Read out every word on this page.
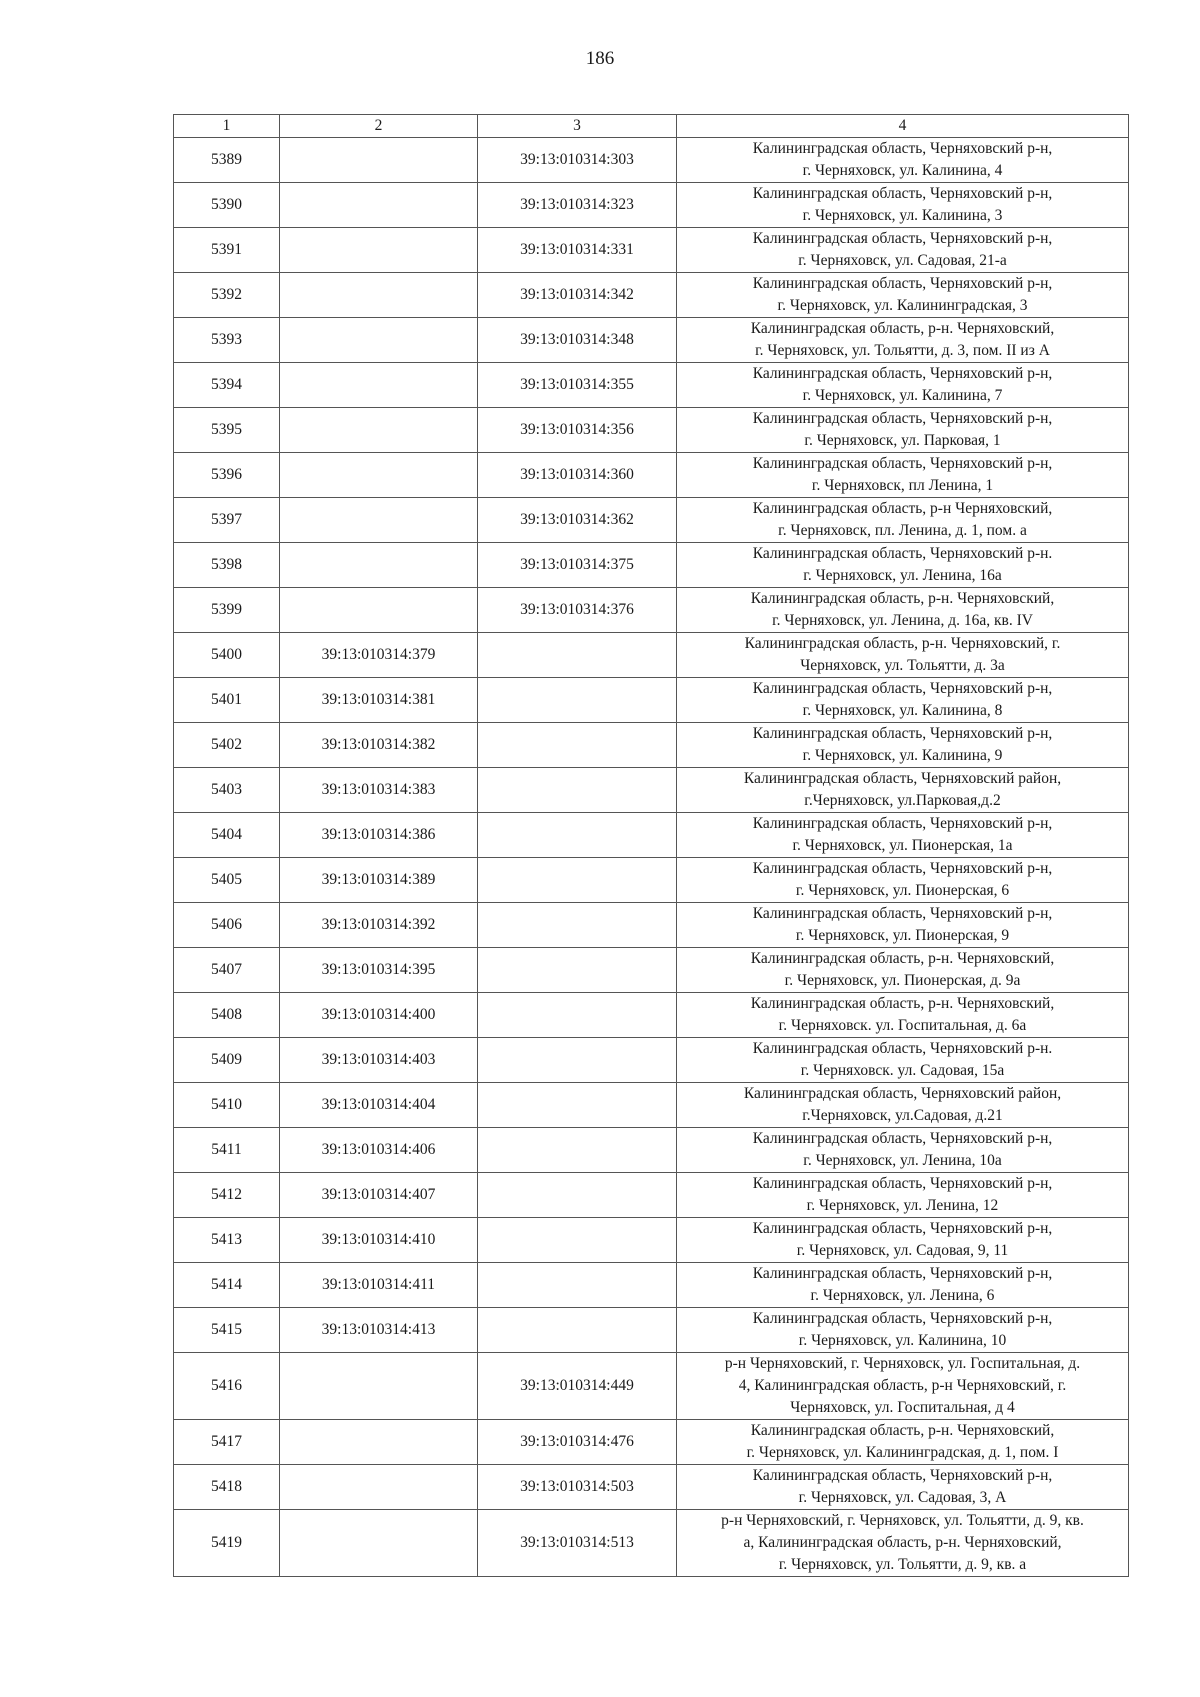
186
1	2	3	4
5389		39:13:010314:303	Калининградская область, Черняховский р-н,
г. Черняховск, ул. Калинина, 4

5390		39:13:010314:323	Калининградская область, Черняховский р-н,
г. Черняховск, ул. Калинина, 3

5391		39:13:010314:331	Калининградская область, Черняховский р-н,
г. Черняховск, ул. Садовая, 21-а

5392		39:13:010314:342	Калининградская область, Черняховский р-н,
г. Черняховск, ул. Калининградская, 3

5393		39:13:010314:348	Калининградская область, р-н. Черняховский,
г. Черняховск, ул. Тольятти, д. 3, пом. II из А

5394		39:13:010314:355	Калининградская область, Черняховский р-н,
г. Черняховск, ул. Калинина, 7

5395		39:13:010314:356	Калининградская область, Черняховский р-н,
г. Черняховск, ул. Парковая, 1

5396		39:13:010314:360	Калининградская область, Черняховский р-н,
г. Черняховск, пл Ленина, 1

5397		39:13:010314:362	Калининградская область, р-н Черняховский,
г. Черняховск, пл. Ленина, д. 1, пом. а

5398		39:13:010314:375	Калининградская область, Черняховский р-н.
г. Черняховск, ул. Ленина, 16а

5399		39:13:010314:376	Калининградская область, р-н. Черняховский,
г. Черняховск, ул. Ленина, д. 16а, кв. IV

5400	39:13:010314:379		Калининградская область, р-н. Черняховский, г.
Черняховск, ул. Тольятти, д. 3а

5401	39:13:010314:381		Калининградская область, Черняховский р-н,
г. Черняховск, ул. Калинина, 8

5402	39:13:010314:382		Калининградская область, Черняховский р-н,
г. Черняховск, ул. Калинина, 9

5403	39:13:010314:383		Калининградская область, Черняховский район,
г.Черняховск, ул.Парковая,д.2

5404	39:13:010314:386		Калининградская область, Черняховский р-н,
г. Черняховск, ул. Пионерская, 1а

5405	39:13:010314:389		Калининградская область, Черняховский р-н,
г. Черняховск, ул. Пионерская, 6

5406	39:13:010314:392		Калининградская область, Черняховский р-н,
г. Черняховск, ул. Пионерская, 9

5407	39:13:010314:395		Калининградская область, р-н. Черняховский,
г. Черняховск, ул. Пионерская, д. 9а

5408	39:13:010314:400		Калининградская область, р-н. Черняховский,
г. Черняховск. ул. Госпитальная, д. 6а

5409	39:13:010314:403		Калининградская область, Черняховский р-н.
г. Черняховск. ул. Садовая, 15а

5410	39:13:010314:404		Калининградская область, Черняховский район,
г.Черняховск, ул.Садовая, д.21

5411	39:13:010314:406		Калининградская область, Черняховский р-н,
г. Черняховск, ул. Ленина, 10а

5412	39:13:010314:407		Калининградская область, Черняховский р-н,
г. Черняховск, ул. Ленина, 12

5413	39:13:010314:410		Калининградская область, Черняховский р-н,
г. Черняховск, ул. Садовая, 9, 11

5414	39:13:010314:411		Калининградская область, Черняховский р-н,
г. Черняховск, ул. Ленина, 6

5415	39:13:010314:413		Калининградская область, Черняховский р-н,
г. Черняховск, ул. Калинина, 10

5416		39:13:010314:449	р-н Черняховский, г. Черняховск, ул. Госпитальная, д.
4, Калининградская область, р-н Черняховский, г.
Черняховск, ул. Госпитальная, д 4

5417		39:13:010314:476	Калининградская область, р-н. Черняховский,
г. Черняховск, ул. Калининградская, д. 1, пом. I

5418		39:13:010314:503	Калининградская область, Черняховский р-н,
г. Черняховск, ул. Садовая, 3, А

5419		39:13:010314:513	р-н Черняховский, г. Черняховск, ул. Тольятти, д. 9, кв.
а, Калининградская область, р-н. Черняховский,
г. Черняховск, ул. Тольятти, д. 9, кв. а
